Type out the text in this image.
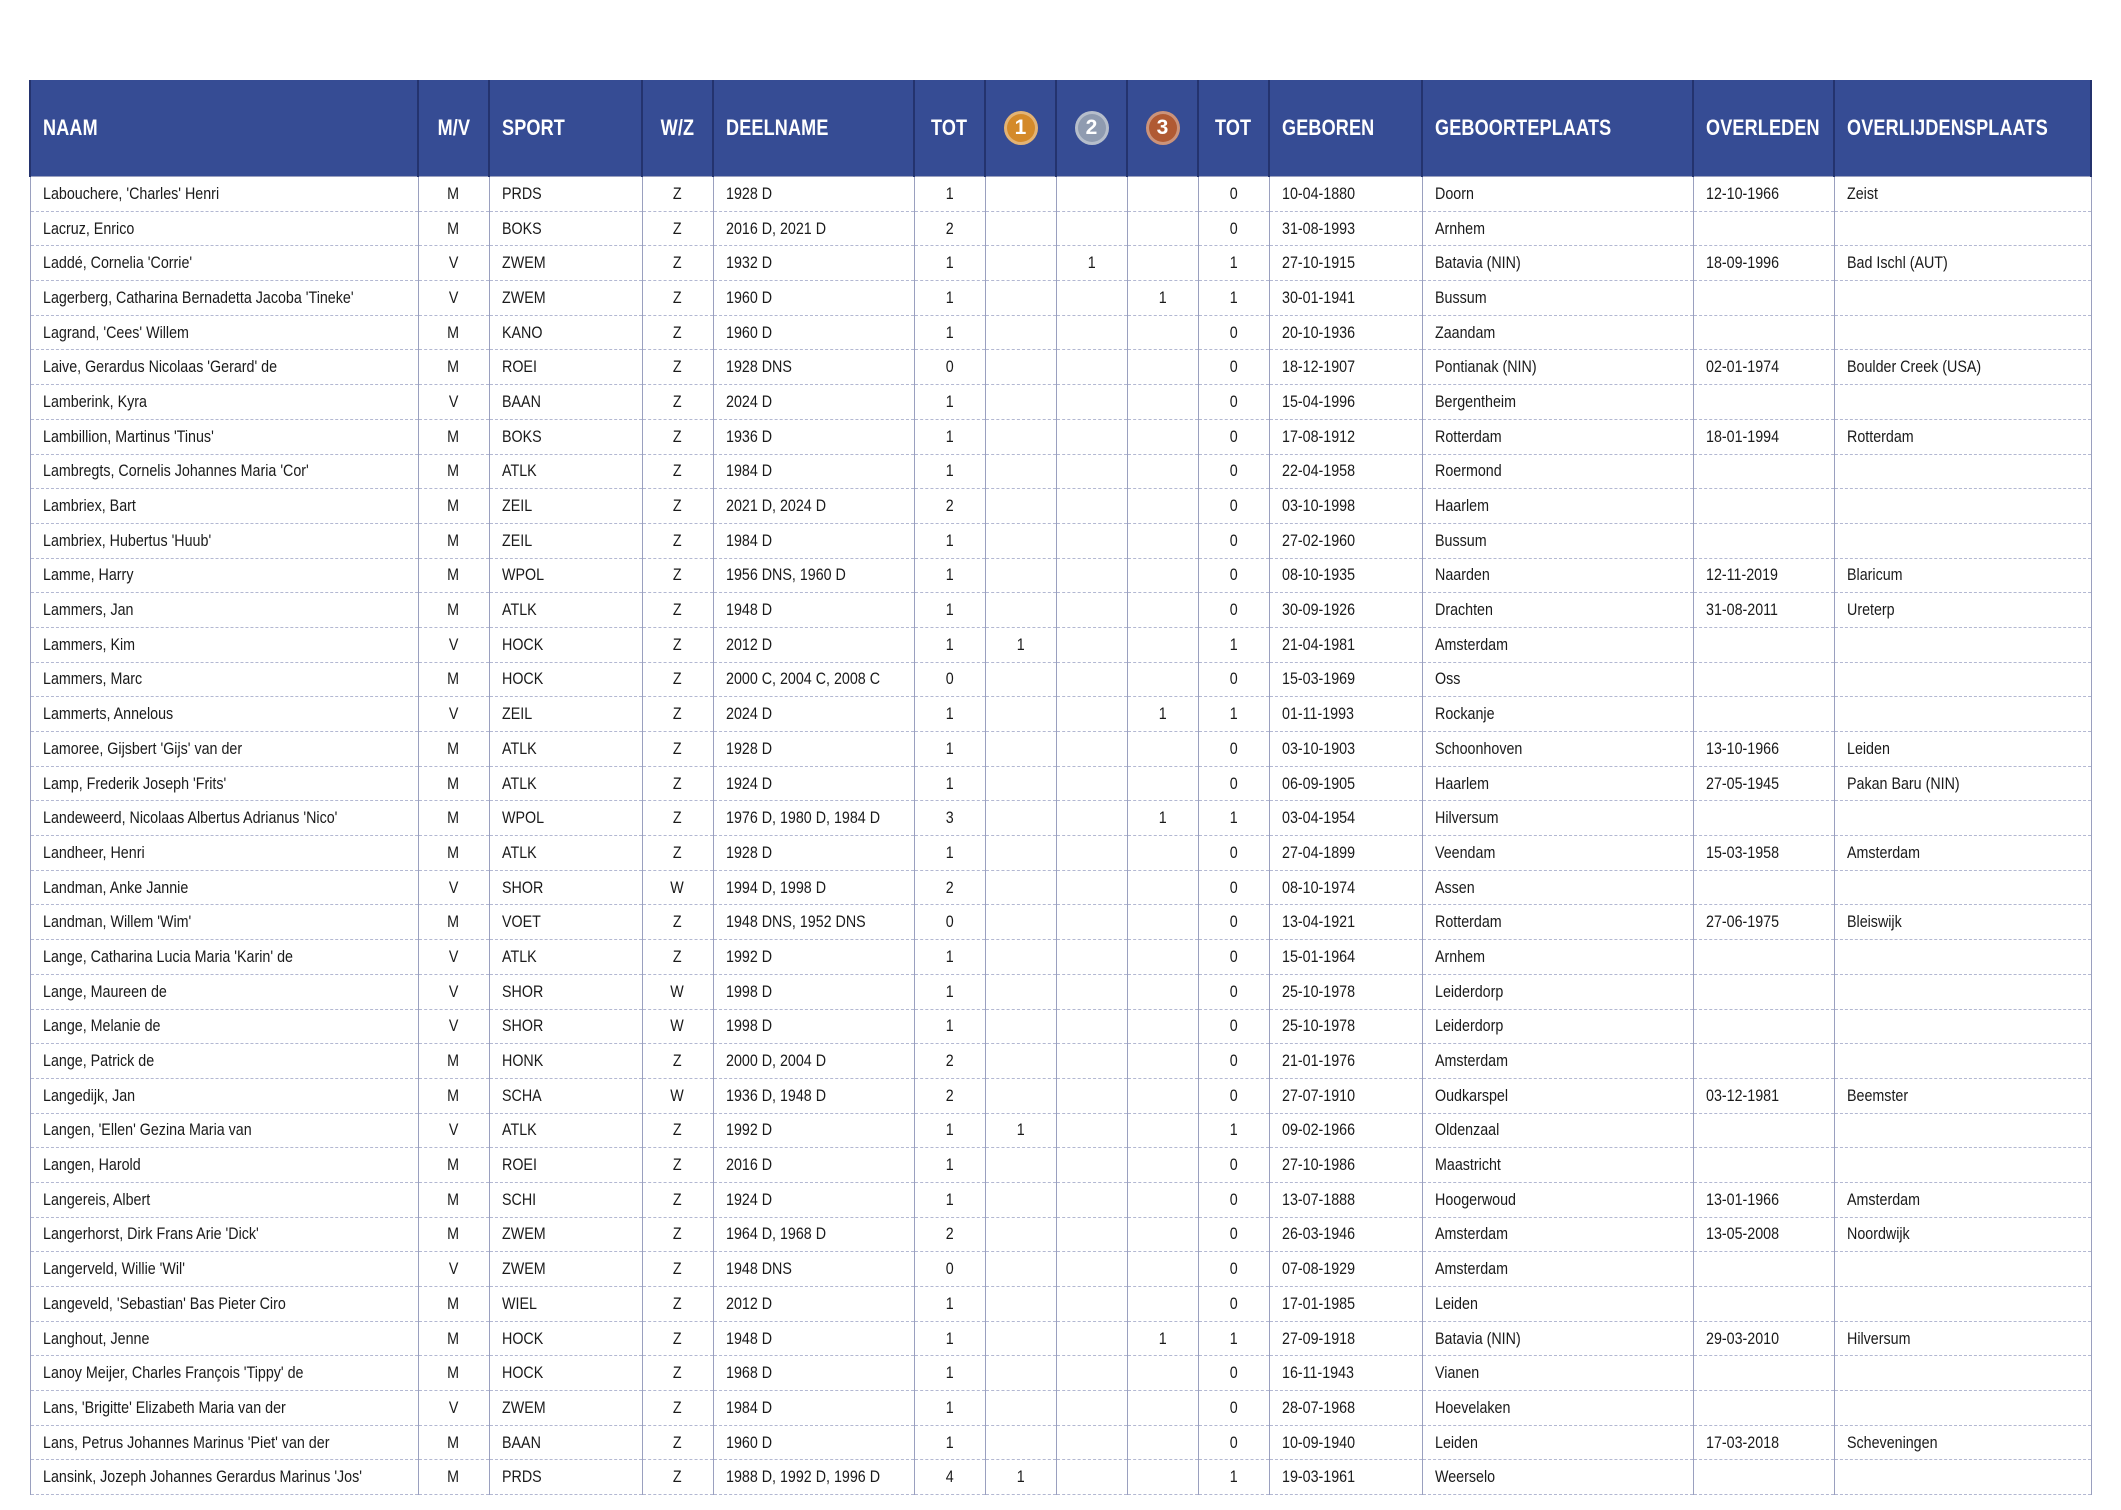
NAAM	M/V	SPORT	W/Z	DEELNAME	TOT	1	2	3	TOT	GEBOREN	GEBOORTEPLAATS	OVERLEDEN	OVERLIJDENSPLAATS
Labouchere, 'Charles' Henri	M	PRDS	Z	1928 D	1				0	10-04-1880	Doorn	12-10-1966	Zeist
Lacruz, Enrico	M	BOKS	Z	2016 D, 2021 D	2				0	31-08-1993	Arnhem		
Laddé, Cornelia 'Corrie'	V	ZWEM	Z	1932 D	1		1		1	27-10-1915	Batavia (NIN)	18-09-1996	Bad Ischl (AUT)
Lagerberg, Catharina Bernadetta Jacoba 'Tineke'	V	ZWEM	Z	1960 D	1			1	1	30-01-1941	Bussum		
Lagrand, 'Cees' Willem	M	KANO	Z	1960 D	1				0	20-10-1936	Zaandam		
Laive, Gerardus Nicolaas 'Gerard' de	M	ROEI	Z	1928 DNS	0				0	18-12-1907	Pontianak (NIN)	02-01-1974	Boulder Creek (USA)
Lamberink, Kyra	V	BAAN	Z	2024 D	1				0	15-04-1996	Bergentheim		
Lambillion, Martinus 'Tinus'	M	BOKS	Z	1936 D	1				0	17-08-1912	Rotterdam	18-01-1994	Rotterdam
Lambregts, Cornelis Johannes Maria 'Cor'	M	ATLK	Z	1984 D	1				0	22-04-1958	Roermond		
Lambriex, Bart	M	ZEIL	Z	2021 D, 2024 D	2				0	03-10-1998	Haarlem		
Lambriex, Hubertus 'Huub'	M	ZEIL	Z	1984 D	1				0	27-02-1960	Bussum		
Lamme, Harry	M	WPOL	Z	1956 DNS, 1960 D	1				0	08-10-1935	Naarden	12-11-2019	Blaricum
Lammers, Jan	M	ATLK	Z	1948 D	1				0	30-09-1926	Drachten	31-08-2011	Ureterp
Lammers, Kim	V	HOCK	Z	2012 D	1	1			1	21-04-1981	Amsterdam		
Lammers, Marc	M	HOCK	Z	2000 C, 2004 C, 2008 C	0				0	15-03-1969	Oss		
Lammerts, Annelous	V	ZEIL	Z	2024 D	1			1	1	01-11-1993	Rockanje		
Lamoree, Gijsbert 'Gijs' van der	M	ATLK	Z	1928 D	1				0	03-10-1903	Schoonhoven	13-10-1966	Leiden
Lamp, Frederik Joseph 'Frits'	M	ATLK	Z	1924 D	1				0	06-09-1905	Haarlem	27-05-1945	Pakan Baru (NIN)
Landeweerd, Nicolaas Albertus Adrianus 'Nico'	M	WPOL	Z	1976 D, 1980 D, 1984 D	3			1	1	03-04-1954	Hilversum		
Landheer, Henri	M	ATLK	Z	1928 D	1				0	27-04-1899	Veendam	15-03-1958	Amsterdam
Landman, Anke Jannie	V	SHOR	W	1994 D, 1998 D	2				0	08-10-1974	Assen		
Landman, Willem 'Wim'	M	VOET	Z	1948 DNS, 1952 DNS	0				0	13-04-1921	Rotterdam	27-06-1975	Bleiswijk
Lange, Catharina Lucia Maria 'Karin' de	V	ATLK	Z	1992 D	1				0	15-01-1964	Arnhem		
Lange, Maureen de	V	SHOR	W	1998 D	1				0	25-10-1978	Leiderdorp		
Lange, Melanie de	V	SHOR	W	1998 D	1				0	25-10-1978	Leiderdorp		
Lange, Patrick de	M	HONK	Z	2000 D, 2004 D	2				0	21-01-1976	Amsterdam		
Langedijk, Jan	M	SCHA	W	1936 D, 1948 D	2				0	27-07-1910	Oudkarspel	03-12-1981	Beemster
Langen, 'Ellen' Gezina Maria van	V	ATLK	Z	1992 D	1	1			1	09-02-1966	Oldenzaal		
Langen, Harold	M	ROEI	Z	2016 D	1				0	27-10-1986	Maastricht		
Langereis, Albert	M	SCHI	Z	1924 D	1				0	13-07-1888	Hoogerwoud	13-01-1966	Amsterdam
Langerhorst, Dirk Frans Arie 'Dick'	M	ZWEM	Z	1964 D, 1968 D	2				0	26-03-1946	Amsterdam	13-05-2008	Noordwijk
Langerveld, Willie 'Wil'	V	ZWEM	Z	1948 DNS	0				0	07-08-1929	Amsterdam		
Langeveld, 'Sebastian' Bas Pieter Ciro	M	WIEL	Z	2012 D	1				0	17-01-1985	Leiden		
Langhout, Jenne	M	HOCK	Z	1948 D	1			1	1	27-09-1918	Batavia (NIN)	29-03-2010	Hilversum
Lanoy Meijer, Charles François 'Tippy' de	M	HOCK	Z	1968 D	1				0	16-11-1943	Vianen		
Lans, 'Brigitte' Elizabeth Maria van der	V	ZWEM	Z	1984 D	1				0	28-07-1968	Hoevelaken		
Lans, Petrus Johannes Marinus 'Piet' van der	M	BAAN	Z	1960 D	1				0	10-09-1940	Leiden	17-03-2018	Scheveningen
Lansink, Jozeph Johannes Gerardus Marinus 'Jos'	M	PRDS	Z	1988 D, 1992 D, 1996 D	4	1			1	19-03-1961	Weerselo		
